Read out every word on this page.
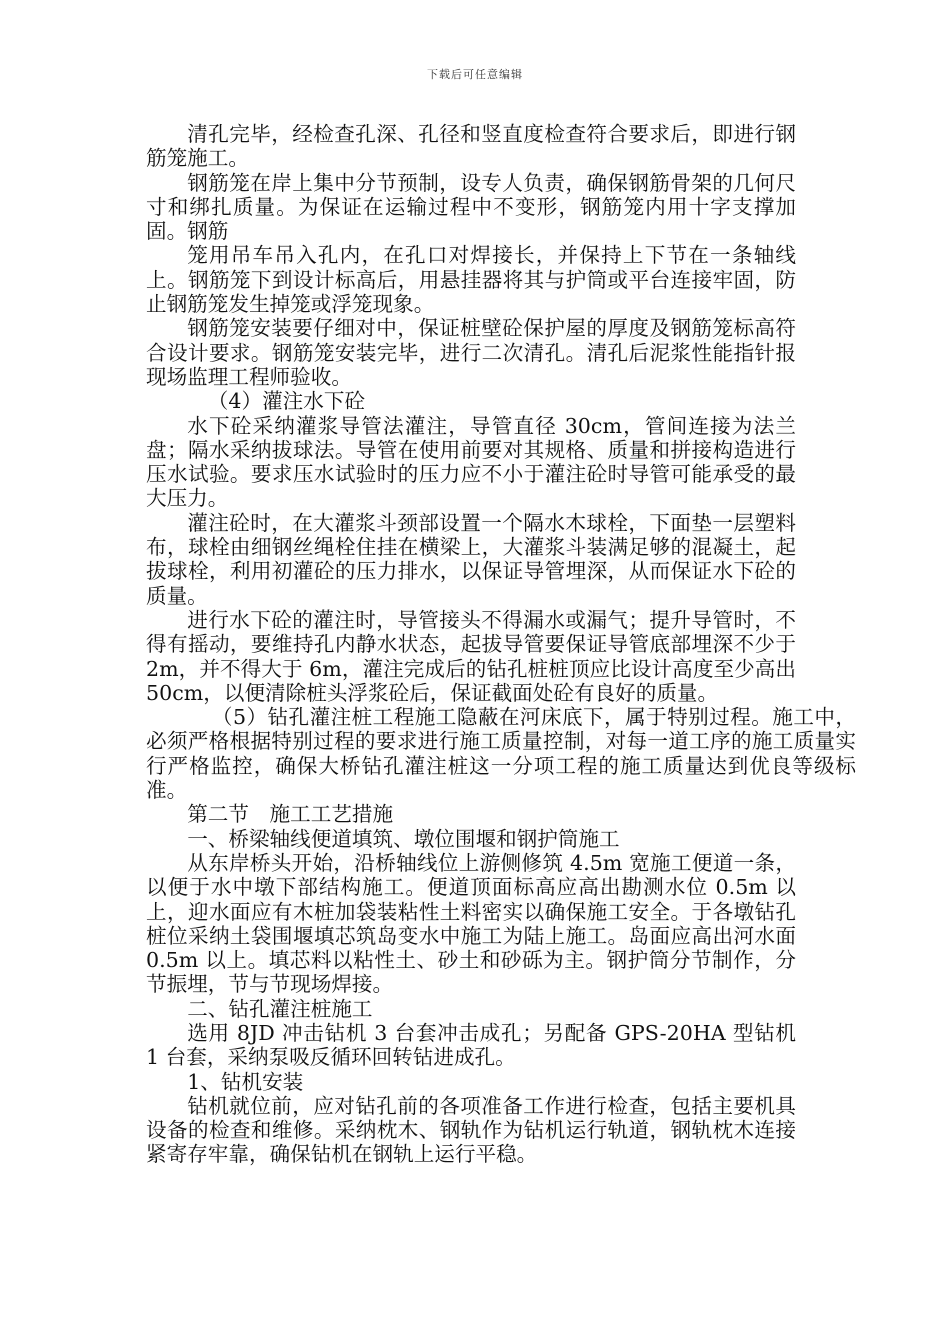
下载后可任意编辑

清孔完毕，经检查孔深、孔径和竖直度检查符合要求后，即进行钢筋笼施工。

钢筋笼在岸上集中分节预制，设专人负责，确保钢筋骨架的几何尺寸和绑扎质量。为保证在运输过程中不变形，钢筋笼内用十字支撑加固。钢筋

笼用吊车吊入孔内，在孔口对焊接长，并保持上下节在一条轴线上。钢筋笼下到设计标高后，用悬挂器将其与护筒或平台连接牢固，防止钢筋笼发生掉笼或浮笼现象。

钢筋笼安装要仔细对中，保证桩壁砼保护屋的厚度及钢筋笼标高符合设计要求。钢筋笼安装完毕，进行二次清孔。清孔后泥浆性能指针报现场监理工程师验收。

（4）灌注水下砼

水下砼采纳灌浆导管法灌注，导管直径 30cm，管间连接为法兰盘；隔水采纳拔球法。导管在使用前要对其规格、质量和拼接构造进行压水试验。要求压水试验时的压力应不小于灌注砼时导管可能承受的最大压力。

灌注砼时，在大灌浆斗颈部设置一个隔水木球栓，下面垫一层塑料布，球栓由细钢丝绳栓住挂在横梁上，大灌浆斗装满足够的混凝土，起拔球栓，利用初灌砼的压力排水，以保证导管埋深，从而保证水下砼的质量。

进行水下砼的灌注时，导管接头不得漏水或漏气；提升导管时，不得有摇动，要维持孔内静水状态，起拔导管要保证导管底部埋深不少于 2m，并不得大于 6m，灌注完成后的钻孔桩桩顶应比设计高度至少高出 50cm，以便清除桩头浮浆砼后，保证截面处砼有良好的质量。

（5）钻孔灌注桩工程施工隐蔽在河床底下，属于特别过程。施工中，必须严格根据特别过程的要求进行施工质量控制，对每一道工序的施工质量实行严格监控，确保大桥钻孔灌注桩这一分项工程的施工质量达到优良等级标准。

第二节　施工工艺措施

一、桥梁轴线便道填筑、墩位围堰和钢护筒施工

从东岸桥头开始，沿桥轴线位上游侧修筑 4.5m 宽施工便道一条，以便于水中墩下部结构施工。便道顶面标高应高出勘测水位 0.5m 以上，迎水面应有木桩加袋装粘性土料密实以确保施工安全。于各墩钻孔桩位采纳土袋围堰填芯筑岛变水中施工为陆上施工。岛面应高出河水面 0.5m 以上。填芯料以粘性土、砂土和砂砾为主。钢护筒分节制作，分节振埋，节与节现场焊接。

二、钻孔灌注桩施工

选用 8JD 冲击钻机 3 台套冲击成孔；另配备 GPS-20HA 型钻机 1 台套，采纳泵吸反循环回转钻进成孔。

1、钻机安装

钻机就位前，应对钻孔前的各项准备工作进行检查，包括主要机具设备的检查和维修。采纳枕木、钢轨作为钻机运行轨道，钢轨枕木连接紧寄存牢靠，确保钻机在钢轨上运行平稳。
